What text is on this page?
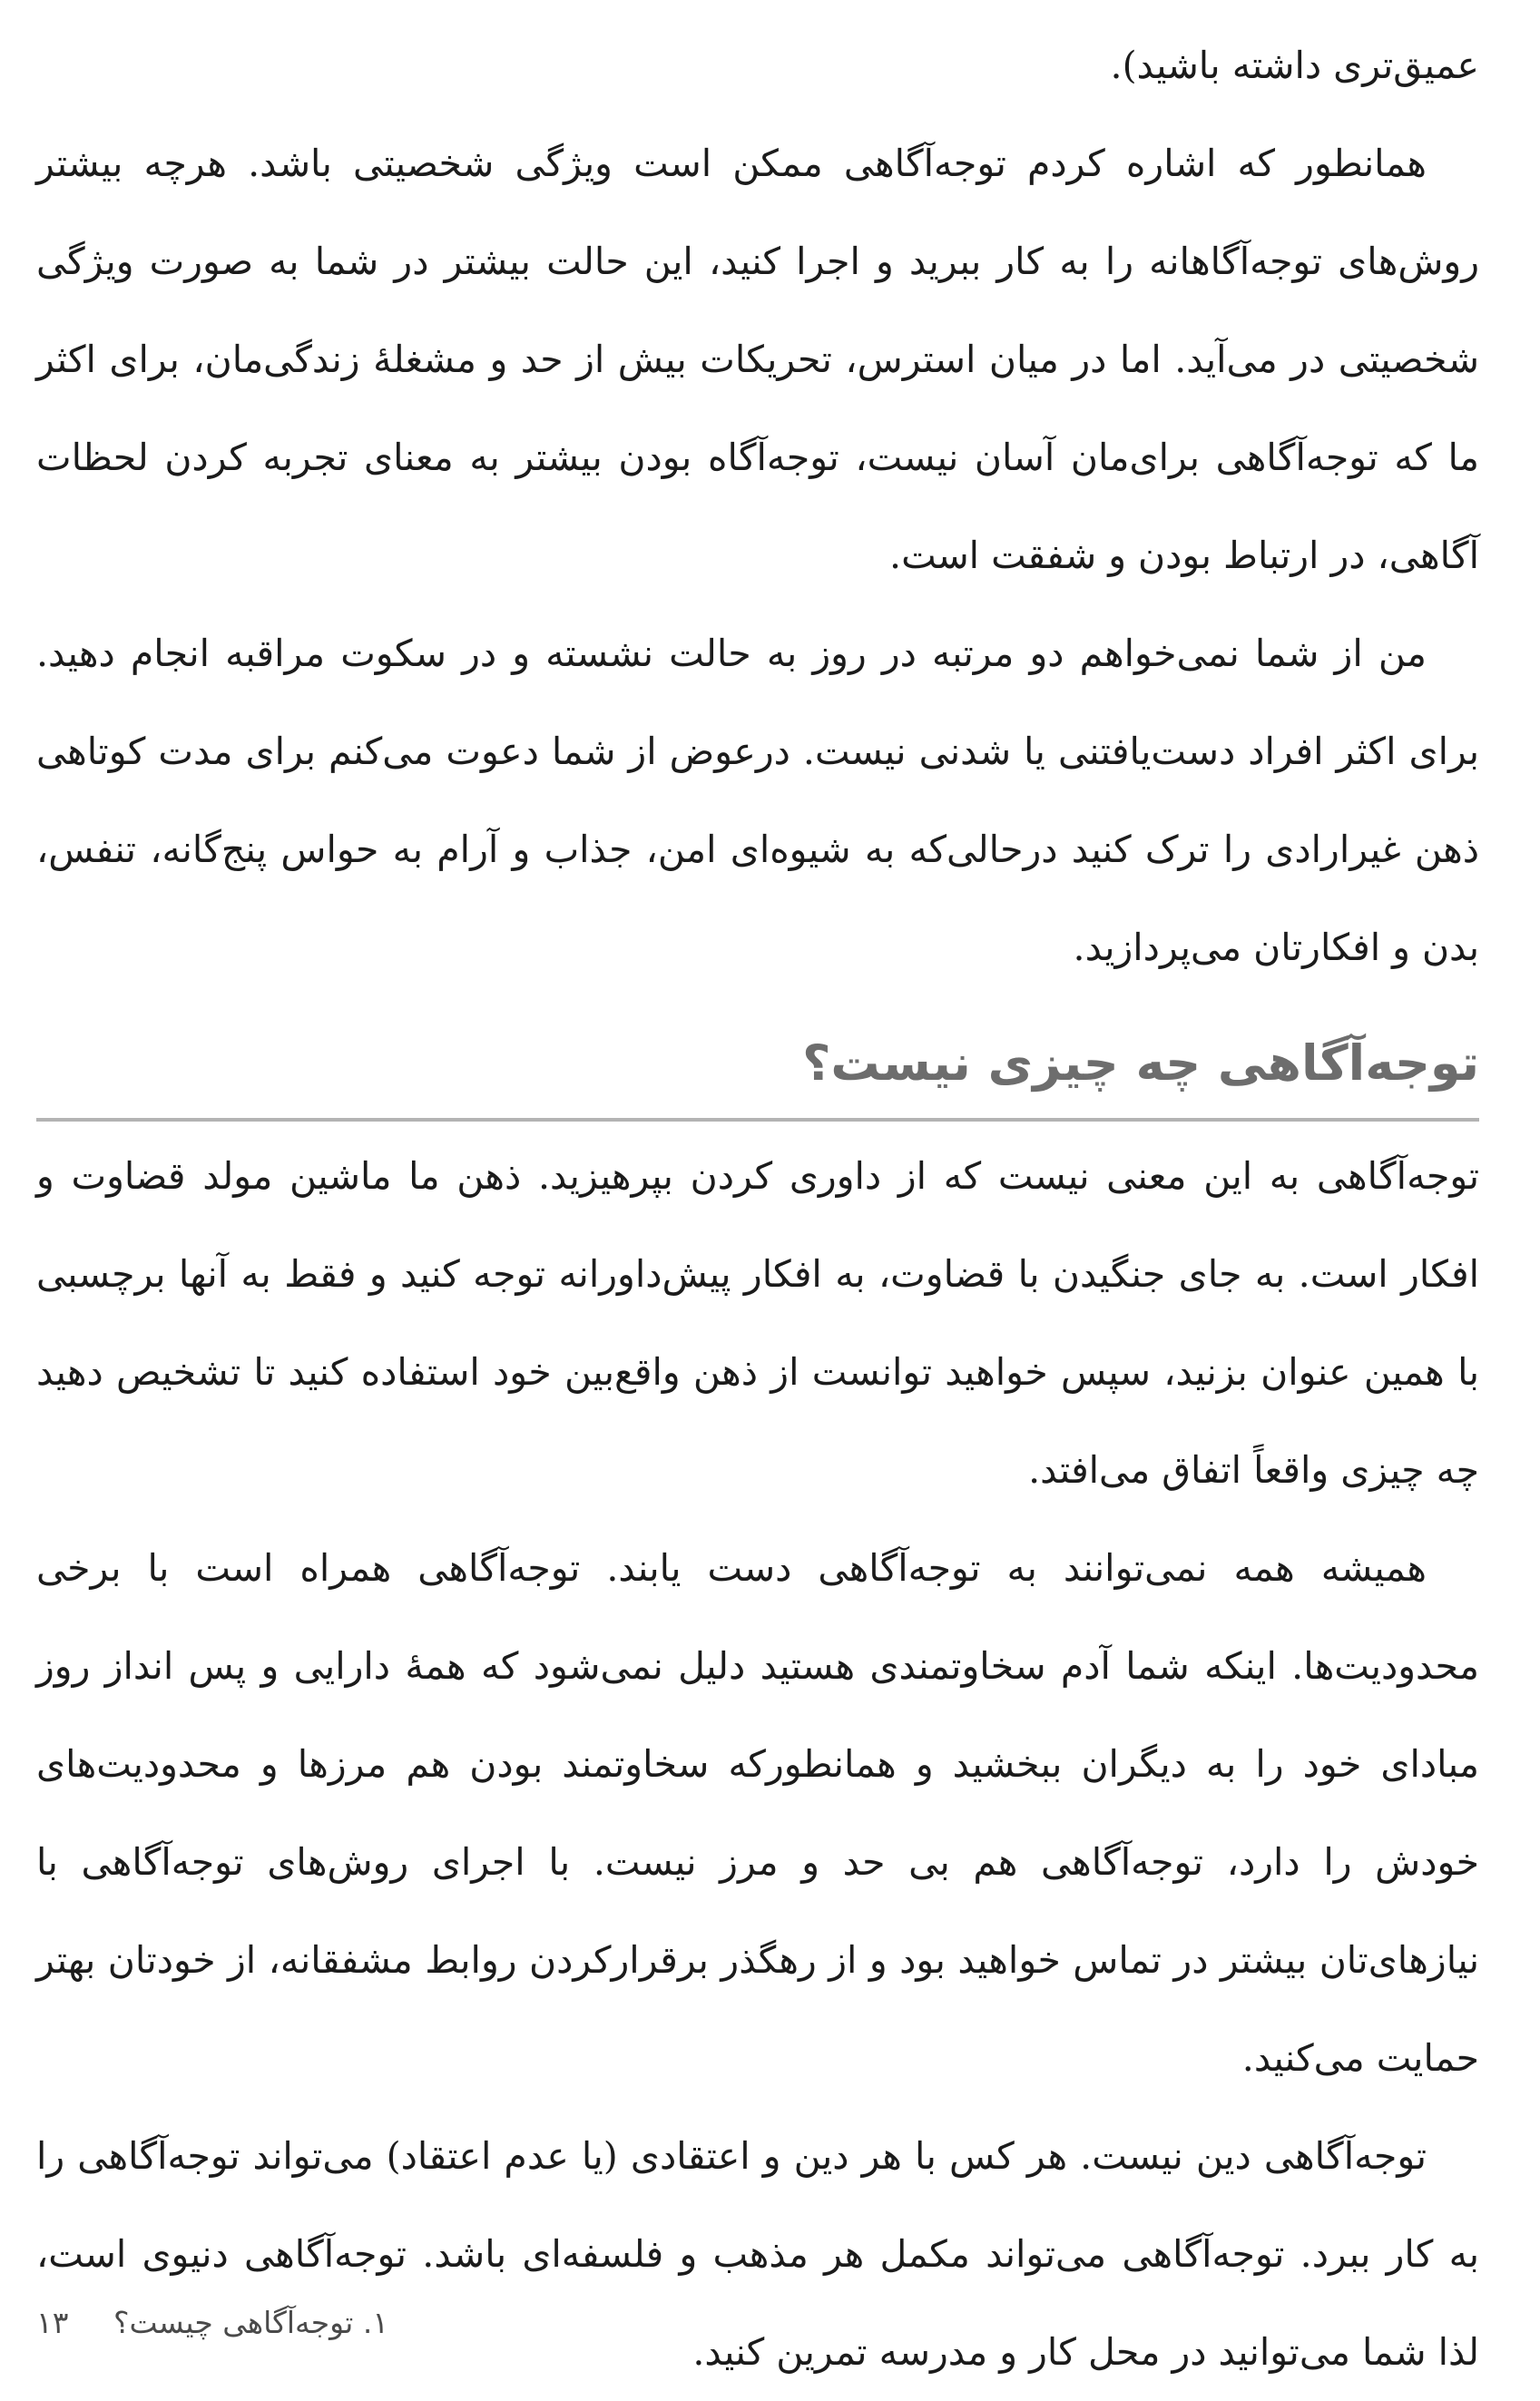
عمیق‌تری داشته باشید).

همانطور که اشاره کردم توجه‌آگاهی ممکن است ویژگی شخصیتی باشد. هرچه بیشتر روش‌های توجه‌آگاهانه را به کار ببرید و اجرا کنید، این حالت بیشتر در شما به صورت ویژگی شخصیتی در می‌آید. اما در میان استرس، تحریکات بیش از حد و مشغلهٔ زندگی‌مان، برای اکثر ما که توجه‌آگاهی برای‌مان آسان نیست، توجه‌آگاه بودن بیشتر به معنای تجربه کردن لحظات آگاهی، در ارتباط بودن و شفقت است.

من از شما نمی‌خواهم دو مرتبه در روز به حالت نشسته و در سکوت مراقبه انجام دهید. برای اکثر افراد دست‌یافتنی یا شدنی نیست. درعوض از شما دعوت می‌کنم برای مدت کوتاهی ذهن غیرارادی را ترک کنید درحالی‌که به شیوه‌ای امن، جذاب و آرام به حواس پنج‌گانه، تنفس، بدن و افکارتان می‌پردازید.

توجه‌آگاهی چه چیزی نیست؟

توجه‌آگاهی به این معنی نیست که از داوری کردن بپرهیزید. ذهن ما ماشین مولد قضاوت و افکار است. به جای جنگیدن با قضاوت، به افکار پیش‌داورانه توجه کنید و فقط به آنها برچسبی با همین عنوان بزنید، سپس خواهید توانست از ذهن واقع‌بین خود استفاده کنید تا تشخیص دهید چه چیزی واقعاً اتفاق می‌افتد.

همیشه همه نمی‌توانند به توجه‌آگاهی دست یابند. توجه‌آگاهی همراه است با برخی محدودیت‌ها. اینکه شما آدم سخاوتمندی هستید دلیل نمی‌شود که همهٔ دارایی و پس انداز روز مبادای خود را به دیگران ببخشید و همانطورکه سخاوتمند بودن هم مرزها و محدودیت‌های خودش را دارد، توجه‌آگاهی هم بی حد و مرز نیست. با اجرای روش‌های توجه‌آگاهی با نیازهای‌تان بیشتر در تماس خواهید بود و از رهگذر برقرارکردن روابط مشفقانه، از خودتان بهتر حمایت می‌کنید.

توجه‌آگاهی دین نیست. هر کس با هر دین و اعتقادی (یا عدم اعتقاد) می‌تواند توجه‌آگاهی را به کار ببرد. توجه‌آگاهی می‌تواند مکمل هر مذهب و فلسفه‌ای باشد. توجه‌آگاهی دنیوی است، لذا شما می‌توانید در محل کار و مدرسه تمرین کنید.

۱۳ ۱. توجه‌آگاهی چیست؟
